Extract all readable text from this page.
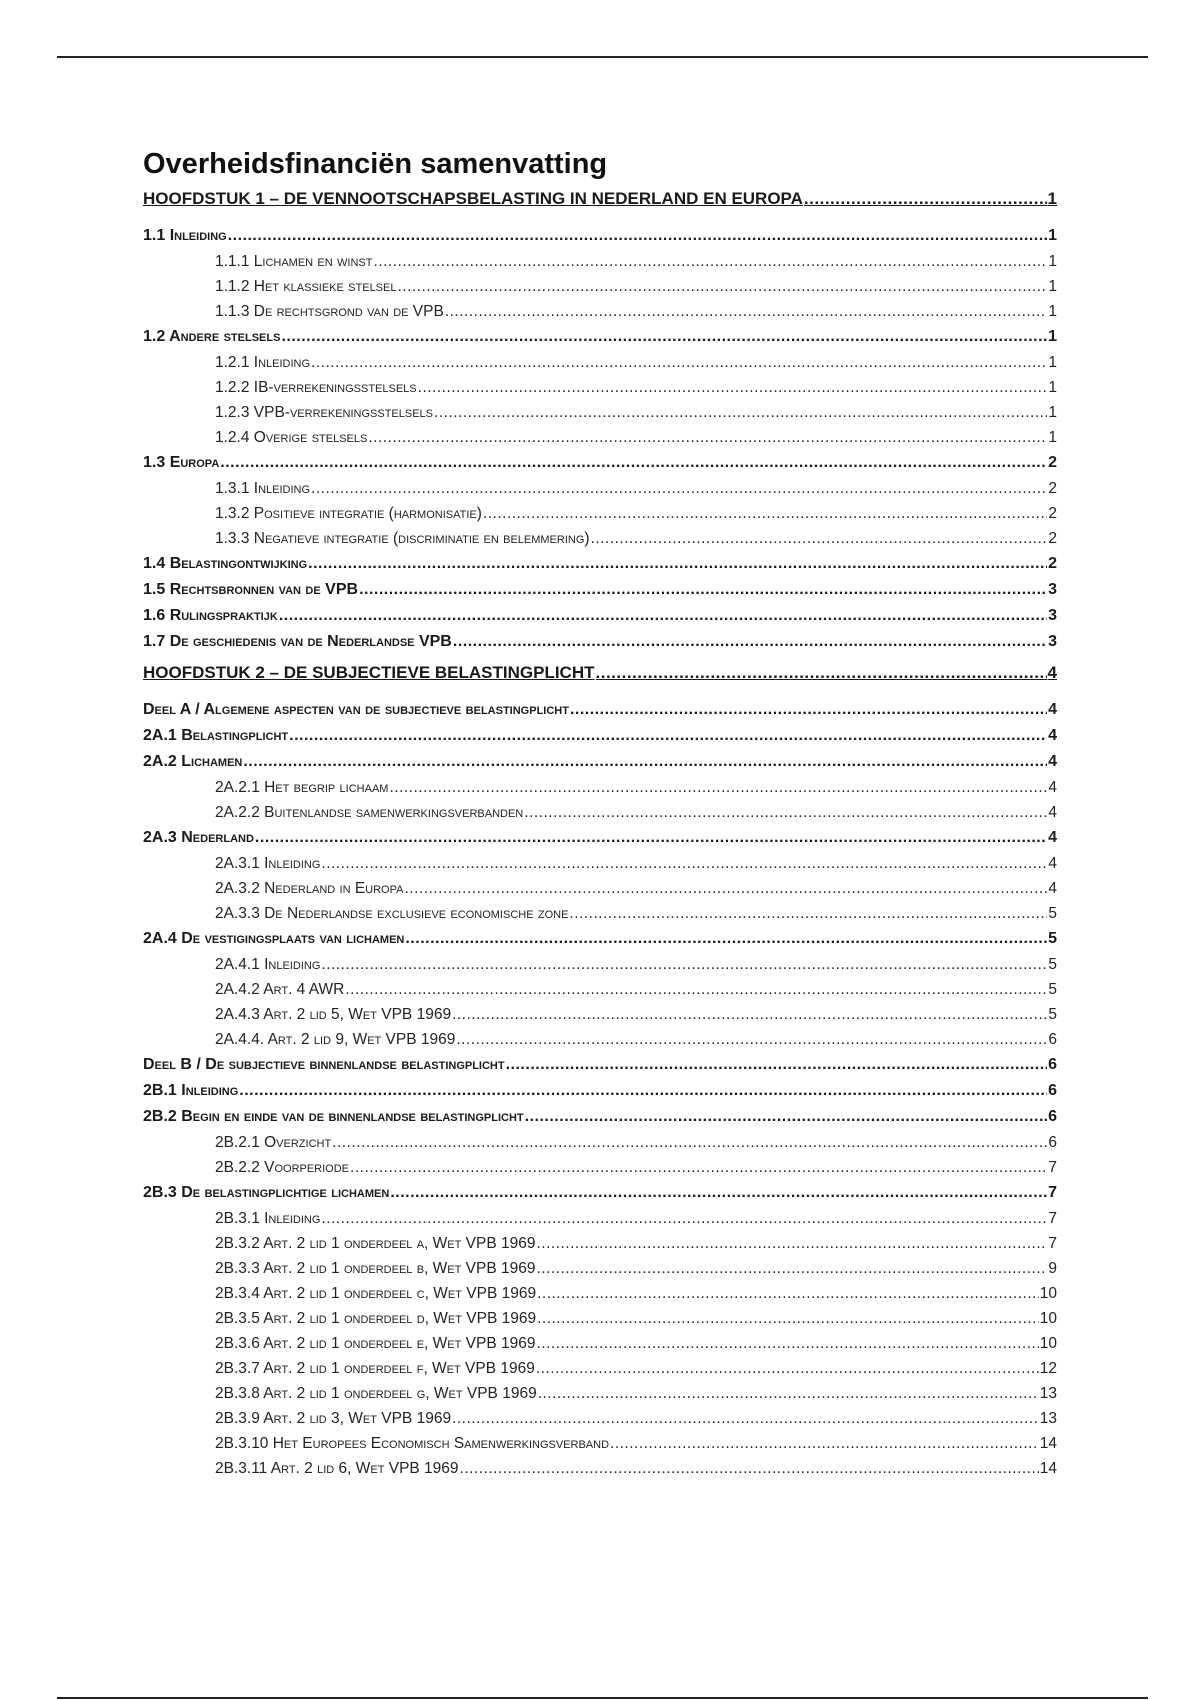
Overheidsfinanciën samenvatting
HOOFDSTUK 1 – DE VENNOOTSCHAPSBELASTING IN NEDERLAND EN EUROPA .....	1
1.1 Inleiding .....	1
1.1.1 Lichamen en winst .....	1
1.1.2 Het klassieke stelsel .....	1
1.1.3 De rechtsgrond van de VPB .....	1
1.2 Andere stelsels .....	1
1.2.1 Inleiding .....	1
1.2.2 IB-verrekeningsstelsels .....	1
1.2.3 VPB-verrekeningsstelsels .....	1
1.2.4 Overige stelsels .....	1
1.3 Europa .....	2
1.3.1 Inleiding .....	2
1.3.2 Positieve integratie (harmonisatie) .....	2
1.3.3 Negatieve integratie (discriminatie en belemmering) .....	2
1.4 Belastingontwijking .....	2
1.5 Rechtsbronnen van de VPB .....	3
1.6 Rulingspraktijk .....	3
1.7 De geschiedenis van de Nederlandse VPB .....	3
HOOFDSTUK 2 – DE SUBJECTIEVE BELASTINGPLICHT .....	4
Deel A / Algemene aspecten van de subjectieve belastingplicht .....	4
2A.1 Belastingplicht .....	4
2A.2 Lichamen .....	4
2A.2.1 Het begrip lichaam .....	4
2A.2.2 Buitenlandse samenwerkingsverbanden .....	4
2A.3 Nederland .....	4
2A.3.1 Inleiding .....	4
2A.3.2 Nederland in Europa .....	4
2A.3.3 De Nederlandse exclusieve economische zone .....	5
2A.4 De vestigingsplaats van lichamen .....	5
2A.4.1 Inleiding .....	5
2A.4.2 Art. 4 AWR .....	5
2A.4.3 Art. 2 lid 5, Wet VPB 1969 .....	5
2A.4.4. Art. 2 lid 9, Wet VPB 1969 .....	6
Deel B / De subjectieve binnenlandse belastingplicht .....	6
2B.1 Inleiding .....	6
2B.2 Begin en einde van de binnenlandse belastingplicht .....	6
2B.2.1 Overzicht .....	6
2B.2.2 Voorperiode .....	7
2B.3 De belastingplichtige lichamen .....	7
2B.3.1 Inleiding .....	7
2B.3.2 Art. 2 lid 1 onderdeel a, Wet VPB 1969 .....	7
2B.3.3 Art. 2 lid 1 onderdeel b, Wet VPB 1969 .....	9
2B.3.4 Art. 2 lid 1 onderdeel c, Wet VPB 1969 .....	10
2B.3.5 Art. 2 lid 1 onderdeel d, Wet VPB 1969 .....	10
2B.3.6 Art. 2 lid 1 onderdeel e, Wet VPB 1969 .....	10
2B.3.7 Art. 2 lid 1 onderdeel f, Wet VPB 1969 .....	12
2B.3.8 Art. 2 lid 1 onderdeel g, Wet VPB 1969 .....	13
2B.3.9 Art. 2 lid 3, Wet VPB 1969 .....	13
2B.3.10 Het Europees Economisch Samenwerkingsverband .....	14
2B.3.11 Art. 2 lid 6, Wet VPB 1969 .....	14
